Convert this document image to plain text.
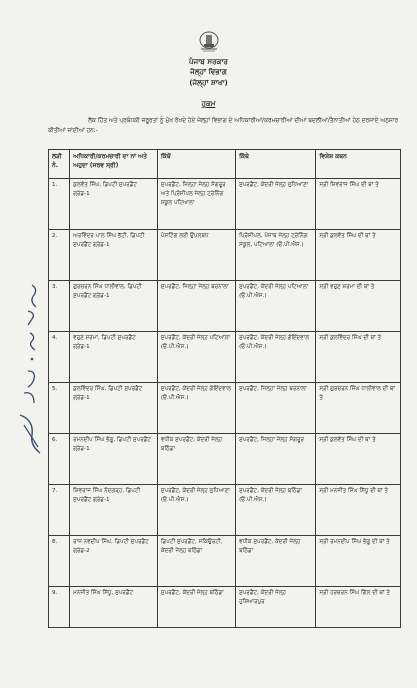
ਪੰਜਾਬ ਸਰਕਾਰ
ਜੇਲ੍ਹਾਂ ਵਿਭਾਗ
(ਜੇਲ੍ਹਾਂ ਸ਼ਾਖਾ)
ਹੁਕਮ
ਲੋਕ ਹਿੱਤ ਅਤੇ ਪ੍ਰਬੰਧਕੀ ਜ਼ਰੂਰਤਾਂ ਨੂੰ ਮੁੱਖ ਰੱਖਦੇ ਹੋਏ ਜੇਲ੍ਹਾਂ ਵਿਭਾਗ ਦੇ ਅਧਿਕਾਰੀਆਂ/ਕਰਮਚਾਰੀਆਂ ਦੀਆਂ ਬਦਲੀਆਂ/ਤੈਨਾਤੀਆਂ ਹੇਠ ਦਰਸਾਏ ਅਨੁਸਾਰ ਕੀਤੀਆਂ ਜਾਂਦੀਆਂ ਹਨ:-
ਲੜੀ ਨੰ.	ਅਧਿਕਾਰੀ/ਕਰਮਚਾਰੀ ਦਾ ਨਾਂ ਅਤੇ ਅਹੁਦਾ (ਸਰਵ ਸ੍ਰੀ)	ਕਿੱਥੋਂ	ਕਿੱਥੇ	ਵਿਸ਼ੇਸ਼ ਕਥਨ
1.	ਕੁਲਵੰਤ ਸਿੰਘ, ਡਿਪਟੀ ਸੁਪਰਡੈਂਟ ਗ੍ਰੇਡ-1	ਸੁਪਰਡੈਂਟ, ਜਿਲ੍ਹਾ ਜੇਲ੍ਹ ਸੰਗਰੂਰ ਅਤੇ ਪ੍ਰਿੰਸੀਪਲ ਜੇਲ੍ਹ ਟ੍ਰੇਨਿੰਗ ਸਕੂਲ ਪਟਿਆਲਾ	ਸੁਪਰਡੈਂਟ, ਕੇਂਦਰੀ ਜੇਲ੍ਹ ਲੁਧਿਆਣਾ	ਸ੍ਰੀ ਸ਼ਿਵਰਾਜ ਸਿੰਘ ਦੀ ਥਾਂ ਤੇ
2.	ਅਰਵਿੰਦਰ ਪਾਲ ਸਿੰਘ ਭੱਟੀ, ਡਿਪਟੀ ਸੁਪਰਡੈਂਟ ਗ੍ਰੇਡ-1	ਪੋਸਟਿੰਗ ਲਈ ਉਪਲਬਧ	ਪ੍ਰਿੰਸੀਪਲ, ਪੰਜਾਬ ਜੇਲ੍ਹ ਟ੍ਰੇਨਿੰਗ ਸਕੂਲ, ਪਟਿਆਲਾ (ਓ.ਪੀ.ਐਸ.)	ਸ੍ਰੀ ਕੁਲਵੰਤ ਸਿੰਘ ਦੀ ਥਾਂ ਤੇ
3.	ਗੁਰਚਰਨ ਸਿੰਘ ਧਾਲੀਵਾਲ, ਡਿਪਟੀ ਸੁਪਰਡੈਂਟ ਗ੍ਰੇਡ-1	ਸੁਪਰਡੈਂਟ, ਜਿਲ੍ਹਾ ਜੇਲ੍ਹ ਬਰਨਾਲਾ	ਸੁਪਰਡੈਂਟ, ਕੇਂਦਰੀ ਜੇਲ੍ਹ ਪਟਿਆਲਾ (ਓ.ਪੀ.ਐਸ.)	ਸ੍ਰੀ ਵਰੁਣ ਸ਼ਰਮਾ ਦੀ ਥਾਂ ਤੇ
4.	ਵਰੁਣ ਸ਼ਰਮਾ, ਡਿਪਟੀ ਸੁਪਰਡੈਂਟ ਗ੍ਰੇਡ-1	ਸੁਪਰਡੈਂਟ, ਕੇਂਦਰੀ ਜੇਲ੍ਹ ਪਟਿਆਲਾ (ਓ.ਪੀ.ਐਸ.)	ਸੁਪਰਡੈਂਟ, ਕੇਂਦਰੀ ਜੇਲ੍ਹ ਗੋਇੰਦਵਾਲ (ਓ.ਪੀ.ਐਸ.)	ਸ੍ਰੀ ਕੁਲਵਿੰਦਰ ਸਿੰਘ ਦੀ ਥਾਂ ਤੇ
5.	ਕੁਲਵਿੰਦਰ ਸਿੰਘ, ਡਿਪਟੀ ਸੁਪਰਡੈਂਟ ਗ੍ਰੇਡ-1	ਸੁਪਰਡੈਂਟ, ਕੇਂਦਰੀ ਜੇਲ੍ਹ ਗੋਇੰਦਵਾਲ (ਓ.ਪੀ.ਐਸ.)	ਸੁਪਰਡੈਂਟ, ਜਿਲ੍ਹਾ ਜੇਲ੍ਹ ਬਰਨਾਲਾ	ਸ੍ਰੀ ਗੁਰਚਰਨ ਸਿੰਘ ਧਾਲੀਵਾਲ ਦੀ ਥਾਂ ਤੇ
6.	ਰਮਨਦੀਪ ਸਿੰਘ ਭੰਗੂ, ਡਿਪਟੀ ਸੁਪਰਡੈਂਟ ਗ੍ਰੇਡ-1	ਵਧੀਕ ਸੁਪਰਡੈਂਟ, ਕੇਂਦਰੀ ਜੇਲ੍ਹ ਬਠਿੰਡਾ	ਸੁਪਰਡੈਂਟ, ਜਿਲ੍ਹਾ ਜੇਲ੍ਹ ਸੰਗਰੂਰ	ਸ੍ਰੀ ਕੁਲਵੰਤ ਸਿੰਘ ਦੀ ਥਾਂ ਤੇ
7.	ਸ਼ਿਵਰਾਜ ਸਿੰਘ ਨੰਦਗੜ੍ਹ, ਡਿਪਟੀ ਸੁਪਰਡੈਂਟ ਗ੍ਰੇਡ-1	ਸੁਪਰਡੈਂਟ, ਕੇਂਦਰੀ ਜੇਲ੍ਹ ਲੁਧਿਆਣਾ (ਓ.ਪੀ.ਐਸ.)	ਸੁਪਰਡੈਂਟ, ਕੇਂਦਰੀ ਜੇਲ੍ਹ ਬਠਿੰਡਾ (ਓ.ਪੀ.ਐਸ.)	ਸ੍ਰੀ ਮਨਜੀਤ ਸਿੰਘ ਸਿੱਧੂ ਦੀ ਥਾਂ ਤੇ
8.	ਰਾਜ ਨਵਦੀਪ ਸਿੰਘ, ਡਿਪਟੀ ਸੁਪਰਡੈਂਟ ਗ੍ਰੇਡ-2	ਡਿਪਟੀ ਸੁਪਰਡੈਂਟ, ਸਕਿਉਰਟੀ, ਕੇਂਦਰੀ ਜੇਲ੍ਹ ਬਠਿੰਡਾ	ਵਧੀਕ ਸੁਪਰਡੈਂਟ, ਕੇਂਦਰੀ ਜੇਲ੍ਹ ਬਠਿੰਡਾ	ਸ੍ਰੀ ਰਮਨਦੀਪ ਸਿੰਘ ਭੰਗੂ ਦੀ ਥਾਂ ਤੇ
9.	ਮਨਜੀਤ ਸਿੰਘ ਸਿੱਧੂ, ਸੁਪਰਡੈਂਟ	ਸੁਪਰਡੈਂਟ, ਕੇਂਦਰੀ ਜੇਲ੍ਹ ਬਠਿੰਡਾ	ਸੁਪਰਡੈਂਟ, ਕੇਂਦਰੀ ਜੇਲ੍ਹ ਹੁਸ਼ਿਆਰਪੁਰ	ਸ੍ਰੀ ਹਰਚਰਨ ਸਿੰਘ ਗਿੱਲ ਦੀ ਥਾਂ ਤੇ
